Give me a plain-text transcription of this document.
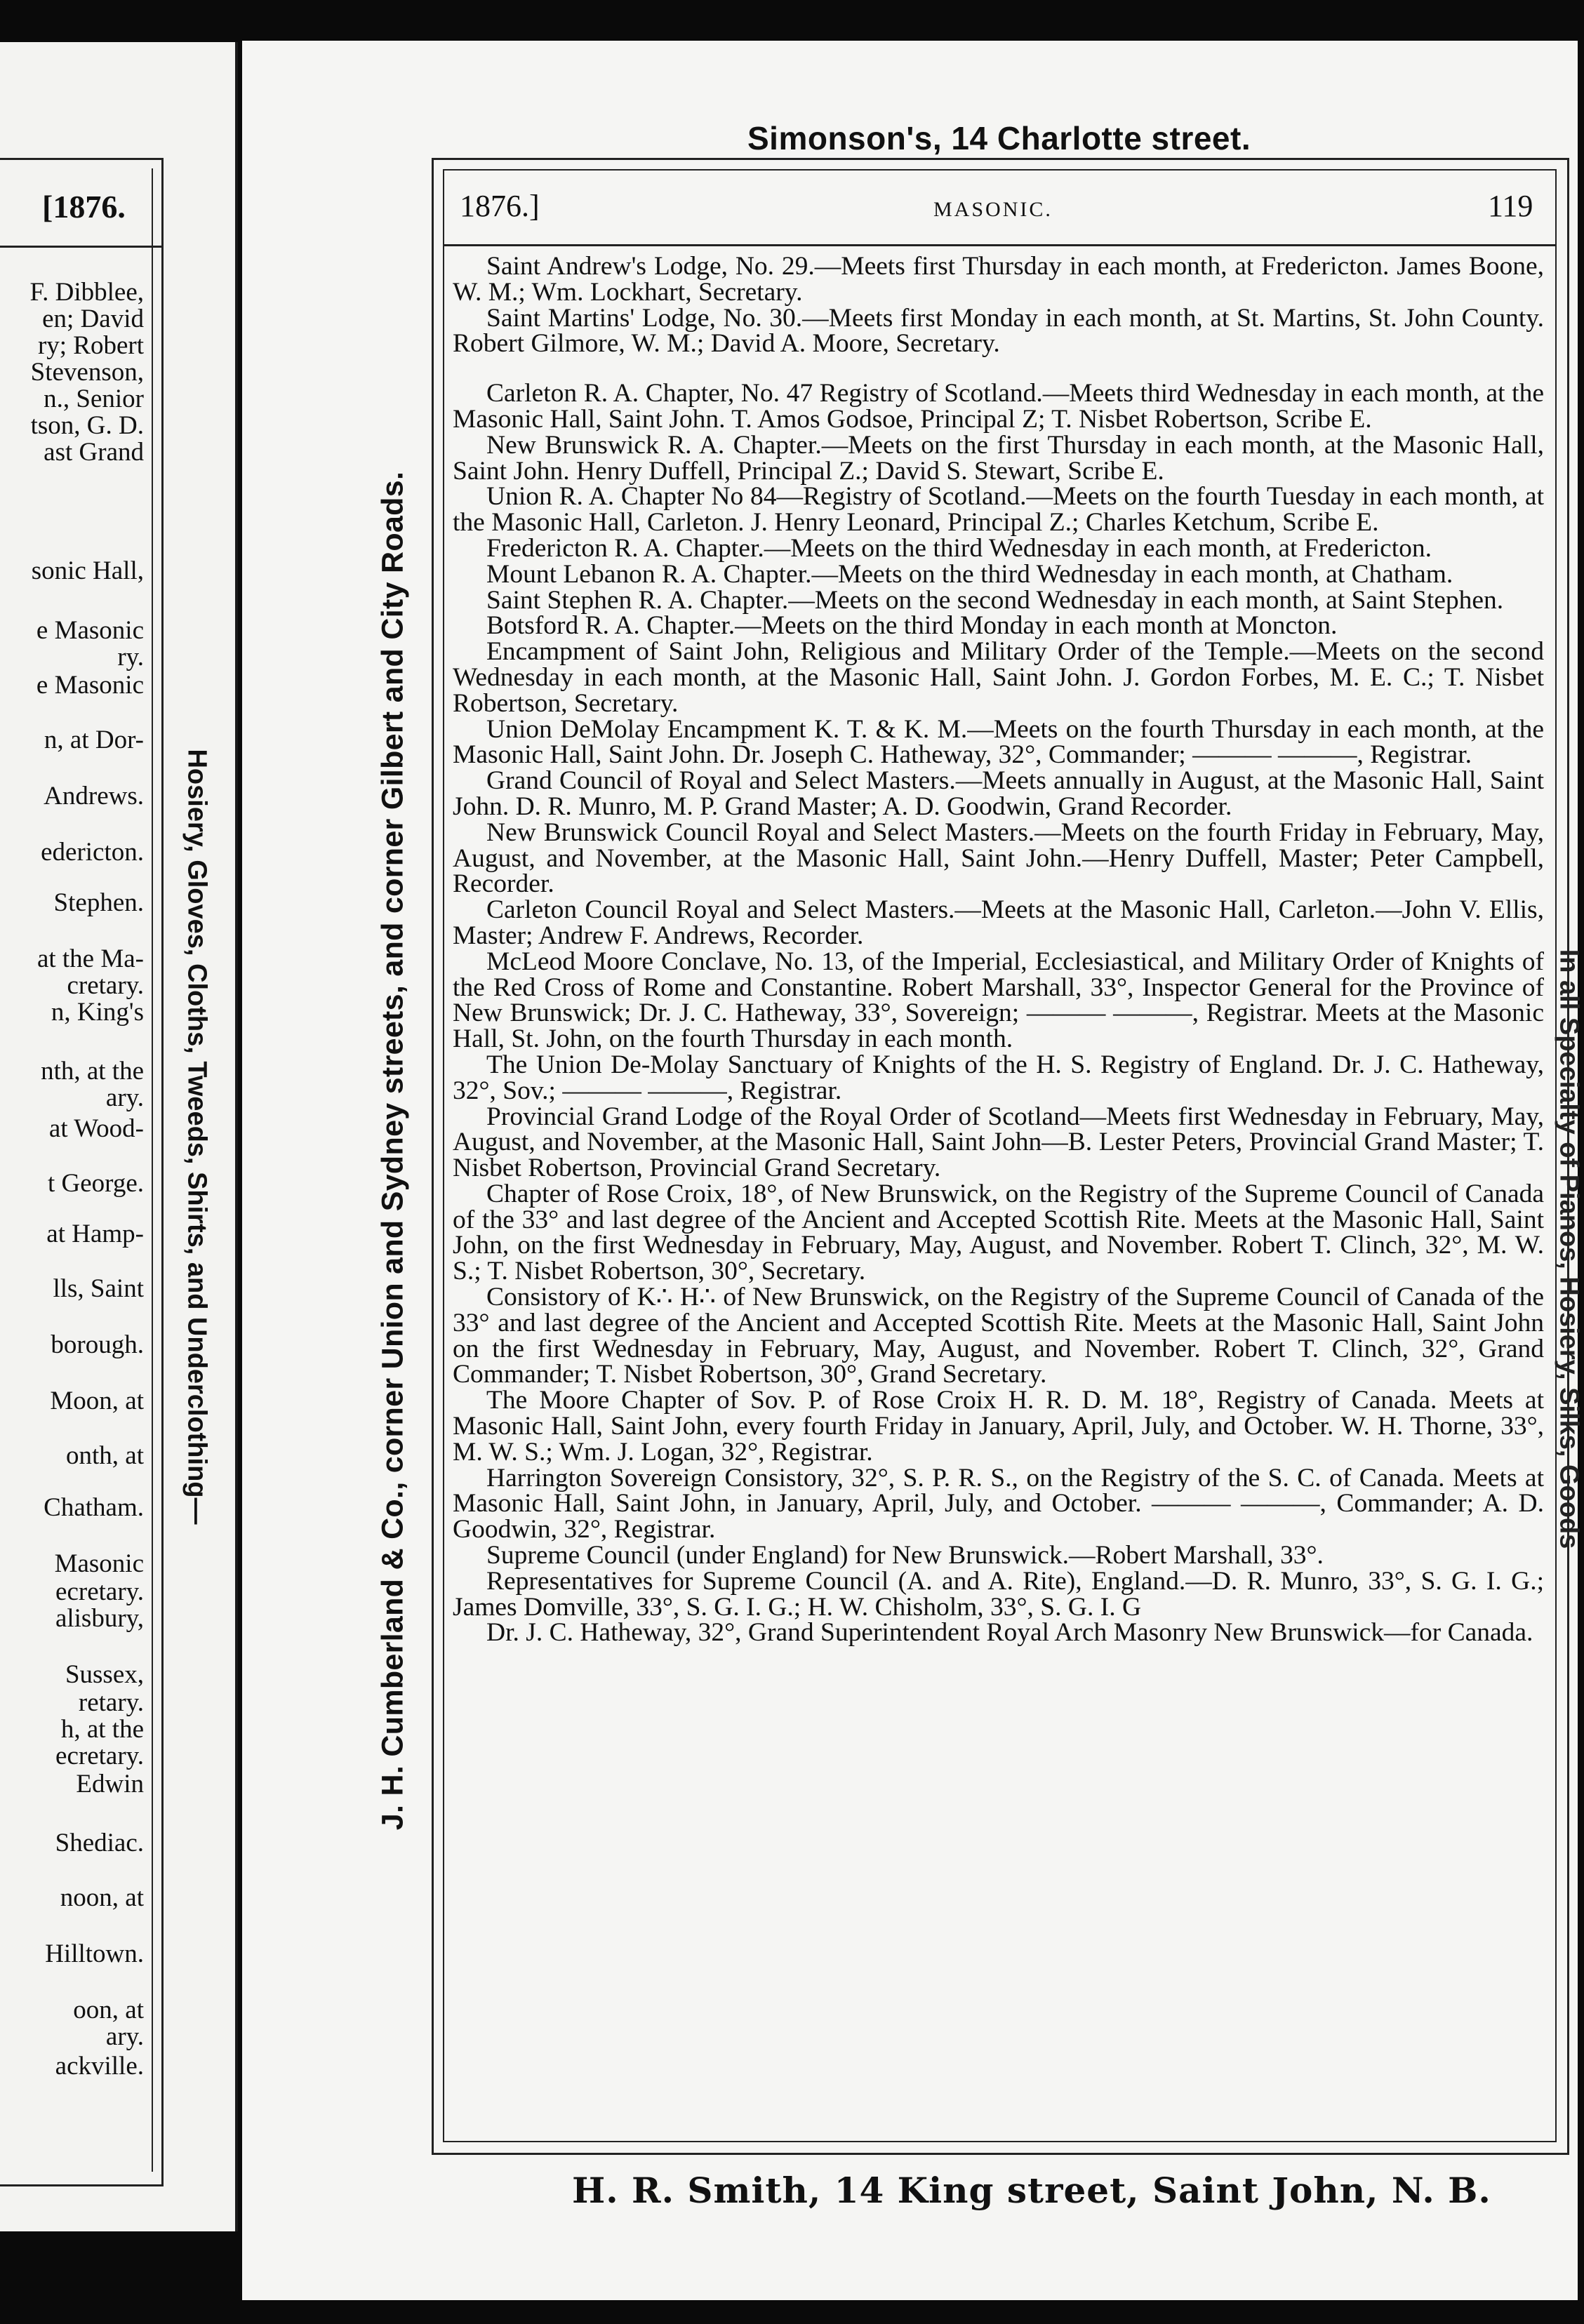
[1876.
F. Dibblee,
en; David
ry; Robert
Stevenson,
n., Senior
tson, G. D.
ast Grand
sonic Hall,
e Masonic
ry.
e Masonic
n, at Dor-
Andrews.
edericton.
Stephen.
at the Ma-
cretary.
n, King's
nth, at the
ary.
at Wood-
t George.
at Hamp-
lls, Saint
borough.
Moon, at
onth, at
Chatham.
Masonic
ecretary.
alisbury,
Sussex,
retary.
h, at the
ecretary.
Edwin
Shediac.
noon, at
Hilltown.
oon, at
ary.
ackville.
Hosiery, Gloves, Cloths, Tweeds, Shirts, and Underclothing—
Simonson's, 14 Charlotte street.
J. H. Cumberland & Co., corner Union and Sydney streets, and corner Gilbert and City Roads.
1876.]	MASONIC.	119

Saint Andrew's Lodge, No. 29.—Meets first Thursday in each month, at Fredericton. James Boone, W. M.; Wm. Lockhart, Secretary.

Saint Martins' Lodge, No. 30.—Meets first Monday in each month, at St. Martins, St. John County. Robert Gilmore, W. M.; David A. Moore, Secretary.

Carleton R. A. Chapter, No. 47 Registry of Scotland.—Meets third Wednesday in each month, at the Masonic Hall, Saint John. T. Amos Godsoe, Principal Z; T. Nisbet Robertson, Scribe E.

New Brunswick R. A. Chapter.—Meets on the first Thursday in each month, at the Masonic Hall, Saint John. Henry Duffell, Principal Z.; David S. Stewart, Scribe E.

Union R. A. Chapter No 84—Registry of Scotland.—Meets on the fourth Tuesday in each month, at the Masonic Hall, Carleton. J. Henry Leonard, Principal Z.; Charles Ketchum, Scribe E.

Fredericton R. A. Chapter.—Meets on the third Wednesday in each month, at Fredericton.

Mount Lebanon R. A. Chapter.—Meets on the third Wednesday in each month, at Chatham.

Saint Stephen R. A. Chapter.—Meets on the second Wednesday in each month, at Saint Stephen.

Botsford R. A. Chapter.—Meets on the third Monday in each month at Moncton.

Encampment of Saint John, Religious and Military Order of the Temple.—Meets on the second Wednesday in each month, at the Masonic Hall, Saint John. J. Gordon Forbes, M. E. C.; T. Nisbet Robertson, Secretary.

Union DeMolay Encampment K. T. & K. M.—Meets on the fourth Thursday in each month, at the Masonic Hall, Saint John. Dr. Joseph C. Hatheway, 32°, Commander; ——— ———, Registrar.

Grand Council of Royal and Select Masters.—Meets annually in August, at the Masonic Hall, Saint John. D. R. Munro, M. P. Grand Master; A. D. Goodwin, Grand Recorder.

New Brunswick Council Royal and Select Masters.—Meets on the fourth Friday in February, May, August, and November, at the Masonic Hall, Saint John.—Henry Duffell, Master; Peter Campbell, Recorder.

Carleton Council Royal and Select Masters.—Meets at the Masonic Hall, Carleton.—John V. Ellis, Master; Andrew F. Andrews, Recorder.

McLeod Moore Conclave, No. 13, of the Imperial, Ecclesiastical, and Military Order of Knights of the Red Cross of Rome and Constantine. Robert Marshall, 33°, Inspector General for the Province of New Brunswick; Dr. J. C. Hatheway, 33°, Sovereign; ——— ———, Registrar. Meets at the Masonic Hall, St. John, on the fourth Thursday in each month.

The Union De-Molay Sanctuary of Knights of the H. S. Registry of England. Dr. J. C. Hatheway, 32°, Sov.; ——— ———, Registrar.

Provincial Grand Lodge of the Royal Order of Scotland—Meets first Wednesday in February, May, August, and November, at the Masonic Hall, Saint John—B. Lester Peters, Provincial Grand Master; T. Nisbet Robertson, Provincial Grand Secretary.

Chapter of Rose Croix, 18°, of New Brunswick, on the Registry of the Supreme Council of Canada of the 33° and last degree of the Ancient and Accepted Scottish Rite. Meets at the Masonic Hall, Saint John, on the first Wednesday in February, May, August, and November. Robert T. Clinch, 32°, M. W. S.; T. Nisbet Robertson, 30°, Secretary.

Consistory of K∴ H∴ of New Brunswick, on the Registry of the Supreme Council of Canada of the 33° and last degree of the Ancient and Accepted Scottish Rite. Meets at the Masonic Hall, Saint John on the first Wednesday in February, May, August, and November. Robert T. Clinch, 32°, Grand Commander; T. Nisbet Robertson, 30°, Grand Secretary.

The Moore Chapter of Sov. P. of Rose Croix H. R. D. M. 18°, Registry of Canada. Meets at Masonic Hall, Saint John, every fourth Friday in January, April, July, and October. W. H. Thorne, 33°, M. W. S.; Wm. J. Logan, 32°, Registrar.

Harrington Sovereign Consistory, 32°, S. P. R. S., on the Registry of the S. C. of Canada. Meets at Masonic Hall, Saint John, in January, April, July, and October. ——— ———, Commander; A. D. Goodwin, 32°, Registrar.

Supreme Council (under England) for New Brunswick.—Robert Marshall, 33°.

Representatives for Supreme Council (A. and A. Rite), England.—D. R. Munro, 33°, S. G. I. G.; James Domville, 33°, S. G. I. G.; H. W. Chisholm, 33°, S. G. I. G

Dr. J. C. Hatheway, 32°, Grand Superintendent Royal Arch Masonry New Brunswick—for Canada.

In all Specialty of Pianos, Hosiery, Silks, Goods
H. R. Smith, 14 King street, Saint John, N. B.
